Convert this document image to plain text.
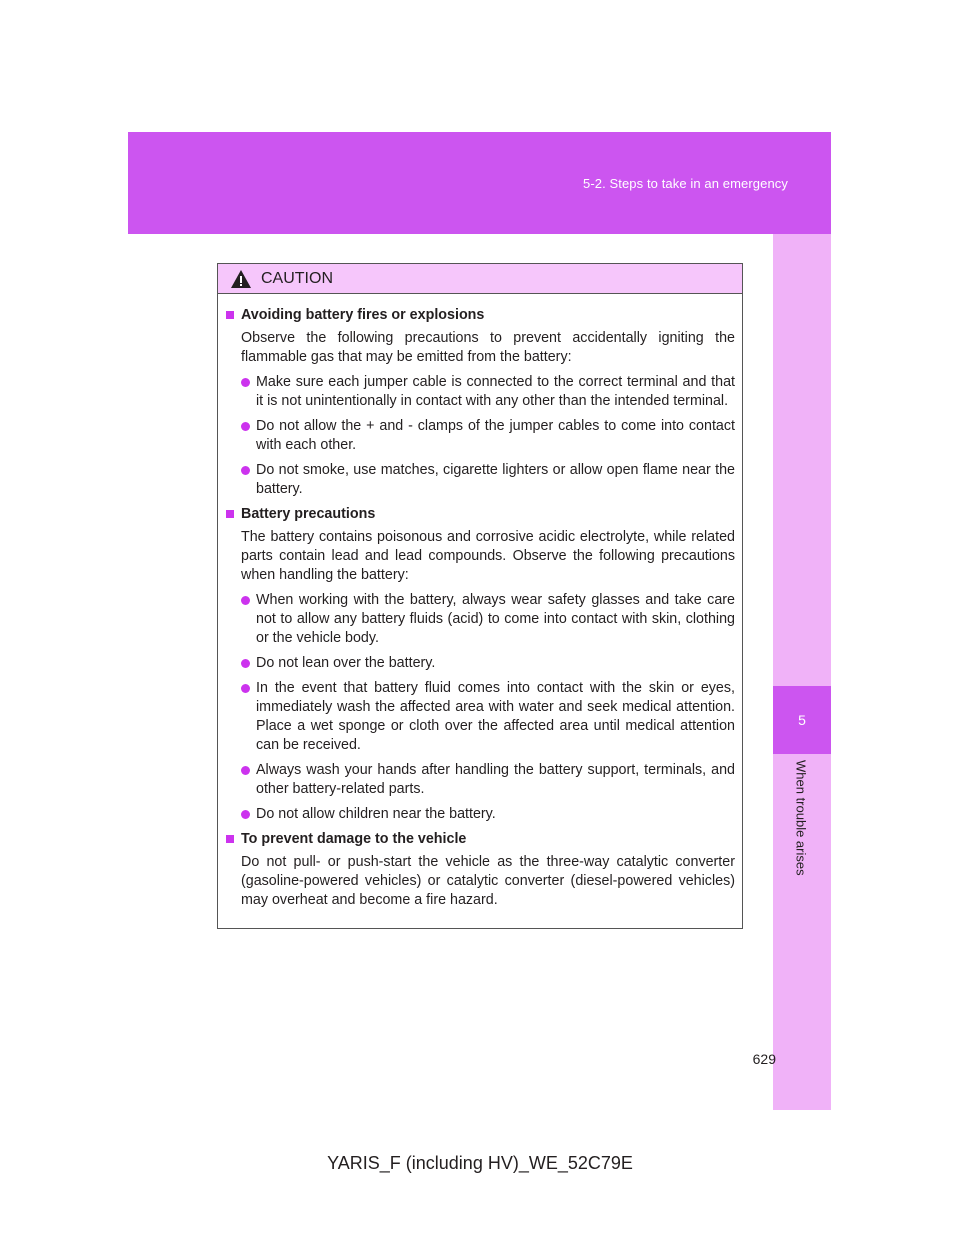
5-2. Steps to take in an emergency
5
When trouble arises
CAUTION
Avoiding battery fires or explosions
Observe the following precautions to prevent accidentally igniting the flammable gas that may be emitted from the battery:
Make sure each jumper cable is connected to the correct terminal and that it is not unintentionally in contact with any other than the intended terminal.
Do not allow the + and - clamps of the jumper cables to come into contact with each other.
Do not smoke, use matches, cigarette lighters or allow open flame near the battery.
Battery precautions
The battery contains poisonous and corrosive acidic electrolyte, while related parts contain lead and lead compounds. Observe the following precautions when handling the battery:
When working with the battery, always wear safety glasses and take care not to allow any battery fluids (acid) to come into contact with skin, clothing or the vehicle body.
Do not lean over the battery.
In the event that battery fluid comes into contact with the skin or eyes, immediately wash the affected area with water and seek medical attention. Place a wet sponge or cloth over the affected area until medical attention can be received.
Always wash your hands after handling the battery support, terminals, and other battery-related parts.
Do not allow children near the battery.
To prevent damage to the vehicle
Do not pull- or push-start the vehicle as the three-way catalytic converter (gasoline-powered vehicles) or catalytic converter (diesel-powered vehicles) may overheat and become a fire hazard.
629
YARIS_F (including HV)_WE_52C79E
